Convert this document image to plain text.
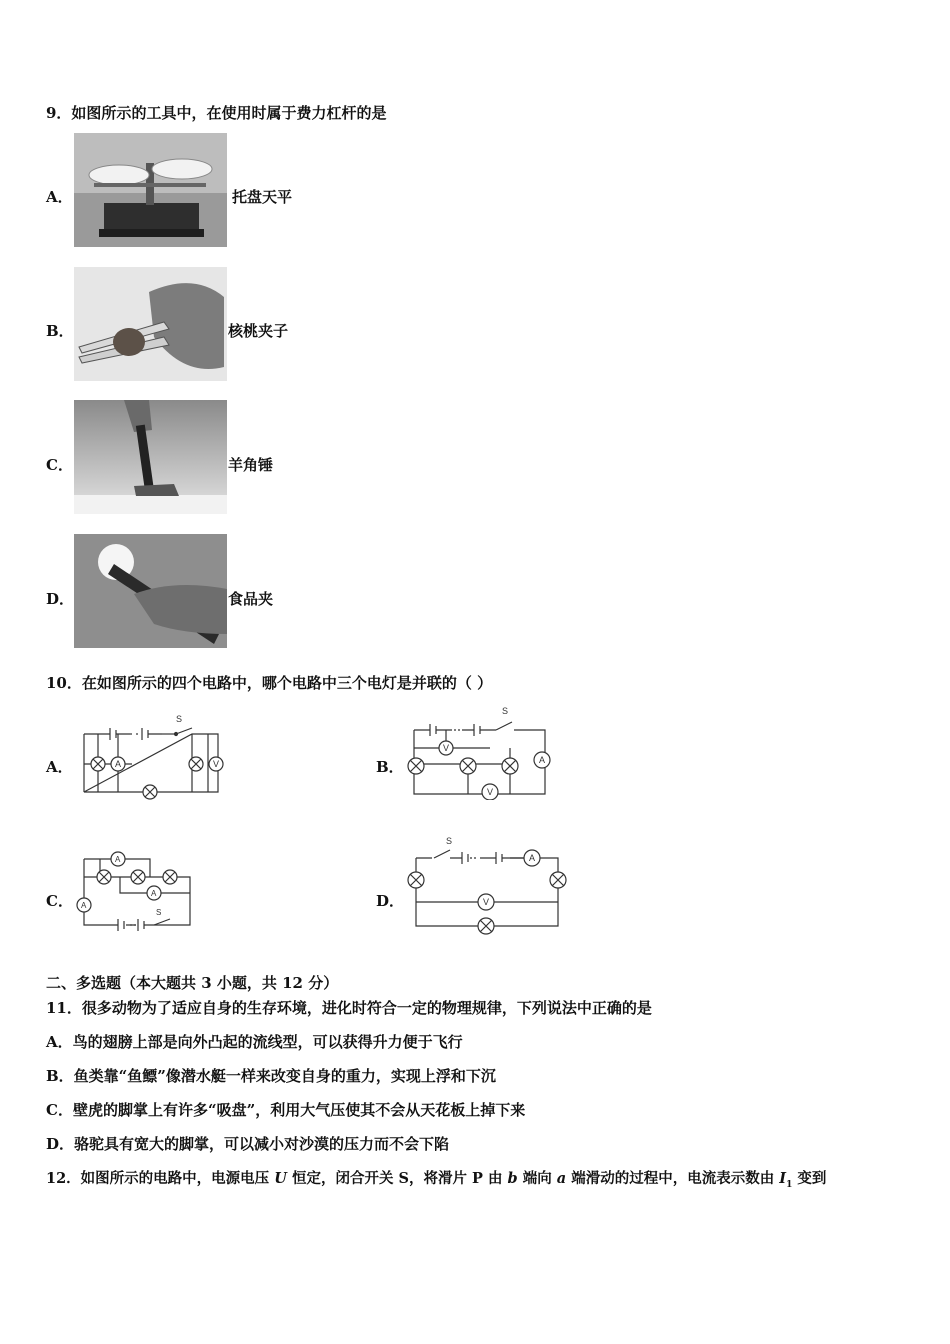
9．如图所示的工具中，在使用时属于费力杠杆的是
A．	托盘天平
B．	核桃夹子
C．	羊角锤
D．	食品夹
10．在如图所示的四个电路中，哪个电路中三个电灯是并联的（ ）
A．
S
A	V	B．
S
V
V
A
C．
A
A
A
S
D．
S
A
V
二、多选题（本大题共 3 小题，共 12 分）
11．很多动物为了适应自身的生存环境，进化时符合一定的物理规律，下列说法中正确的是
A．鸟的翅膀上部是向外凸起的流线型，可以获得升力便于飞行
B．鱼类靠“鱼鳔”像潜水艇一样来改变自身的重力，实现上浮和下沉
C．壁虎的脚掌上有许多“吸盘”，利用大气压使其不会从天花板上掉下来
D．骆驼具有宽大的脚掌，可以减小对沙漠的压力而不会下陷
12．如图所示的电路中，电源电压 U 恒定，闭合开关 S，将滑片 P 由 b 端向 a 端滑动的过程中，电流表示数由 $I_1$ 变到
